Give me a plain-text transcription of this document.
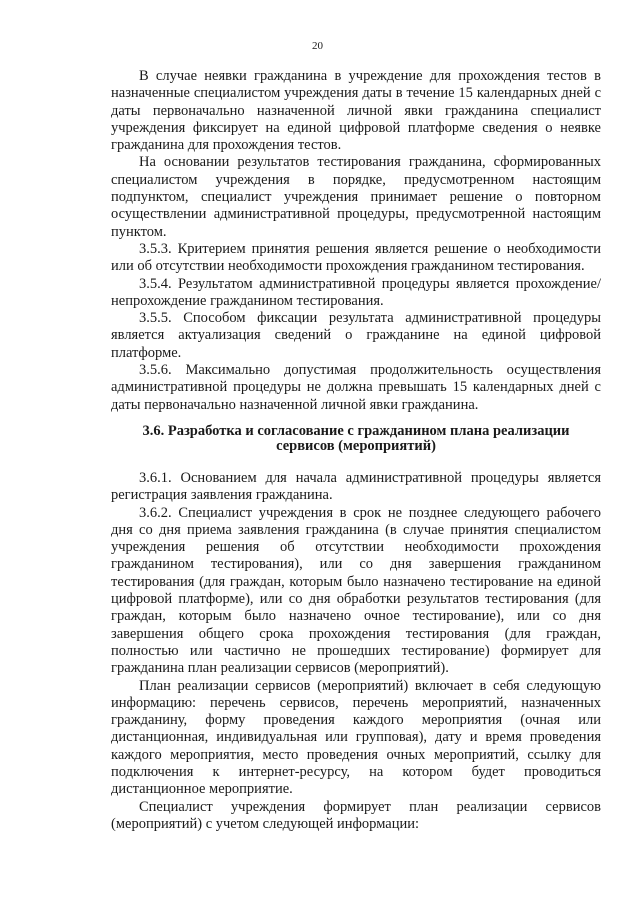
20

В случае неявки гражданина в учреждение для прохождения тестов в назначенные специалистом учреждения даты в течение 15 календарных дней с даты первоначально назначенной личной явки гражданина специалист учреждения фиксирует на единой цифровой платформе сведения о неявке гражданина для прохождения тестов.

На основании результатов тестирования гражданина, сформированных специалистом учреждения в порядке, предусмотренном настоящим подпунктом, специалист учреждения принимает решение о повторном осуществлении административной процедуры, предусмотренной настоящим пунктом.

3.5.3. Критерием принятия решения является решение о необходимости или об отсутствии необходимости прохождения гражданином тестирования.

3.5.4. Результатом административной процедуры является прохождение/непрохождение гражданином тестирования.

3.5.5. Способом фиксации результата административной процедуры является актуализация сведений о гражданине на единой цифровой платформе.

3.5.6. Максимально допустимая продолжительность осуществления административной процедуры не должна превышать 15 календарных дней с даты первоначально назначенной личной явки гражданина.

3.6. Разработка и согласование с гражданином плана реализации сервисов (мероприятий)

3.6.1. Основанием для начала административной процедуры является регистрация заявления гражданина.

3.6.2. Специалист учреждения в срок не позднее следующего рабочего дня со дня приема заявления гражданина (в случае принятия специалистом учреждения решения об отсутствии необходимости прохождения гражданином тестирования), или со дня завершения гражданином тестирования (для граждан, которым было назначено тестирование на единой цифровой платформе), или со дня обработки результатов тестирования (для граждан, которым было назначено очное тестирование), или со дня завершения общего срока прохождения тестирования (для граждан, полностью или частично не прошедших тестирование) формирует для гражданина план реализации сервисов (мероприятий).

План реализации сервисов (мероприятий) включает в себя следующую информацию: перечень сервисов, перечень мероприятий, назначенных гражданину, форму проведения каждого мероприятия (очная или дистанционная, индивидуальная или групповая), дату и время проведения каждого мероприятия, место проведения очных мероприятий, ссылку для подключения к интернет-ресурсу, на котором будет проводиться дистанционное мероприятие.

Специалист учреждения формирует план реализации сервисов (мероприятий) с учетом следующей информации:
